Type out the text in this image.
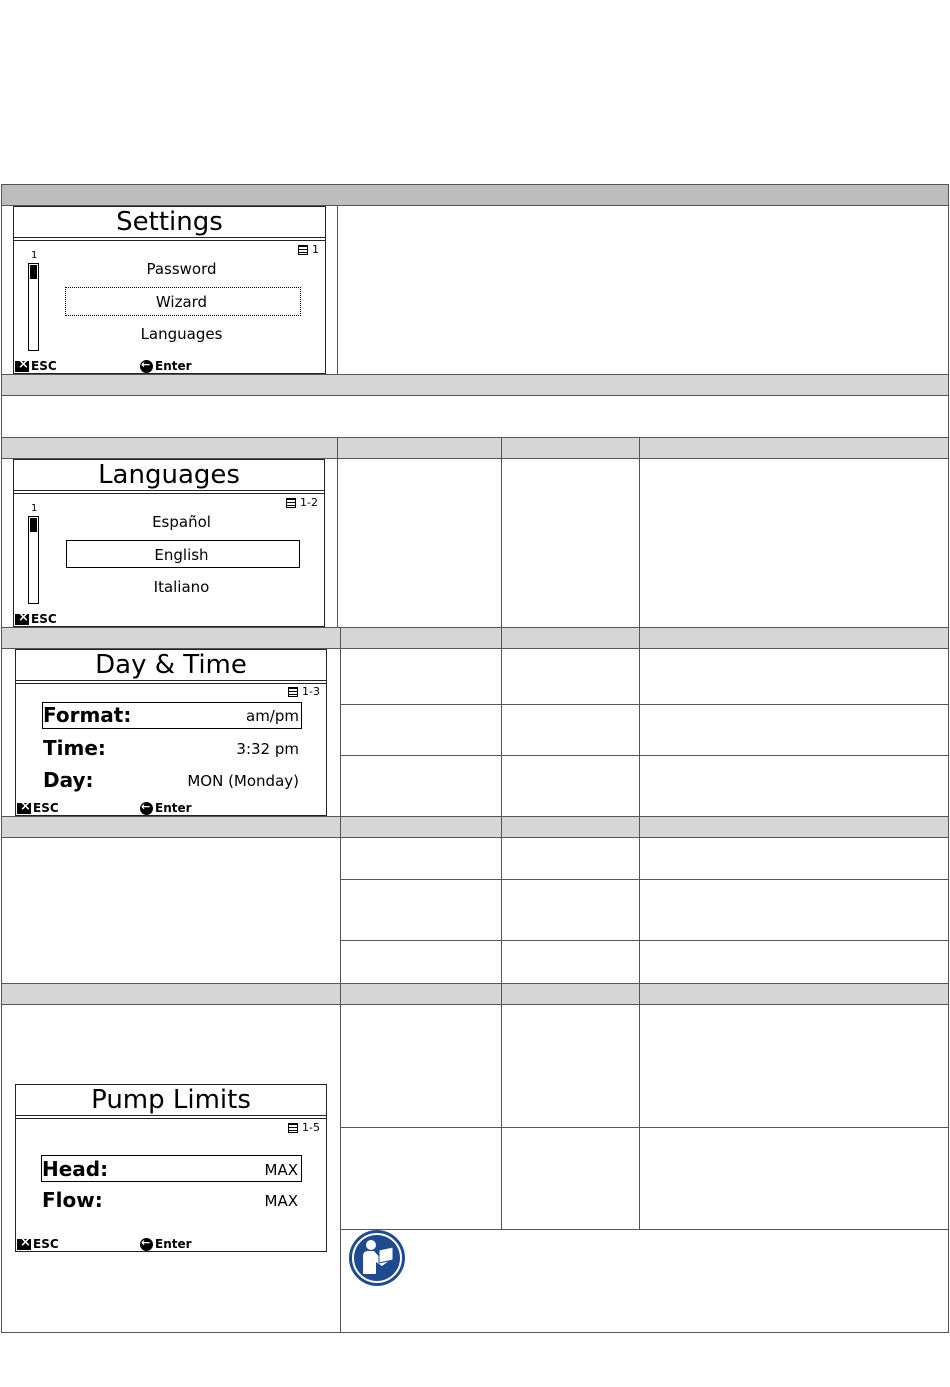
Settings
1
1
Password
Wizard
Languages
×
ESC ←	Enter
Languages
1-2
1
Español
English
Italiano
×
ESC
Day & Time
1-3
Format:	am/pm
Time:	3:32 pm
Day:	MON (Monday)
×
ESC ←	Enter
Pump Limits
1-5
Head:	MAX
Flow:	MAX
×
ESC ←	Enter
